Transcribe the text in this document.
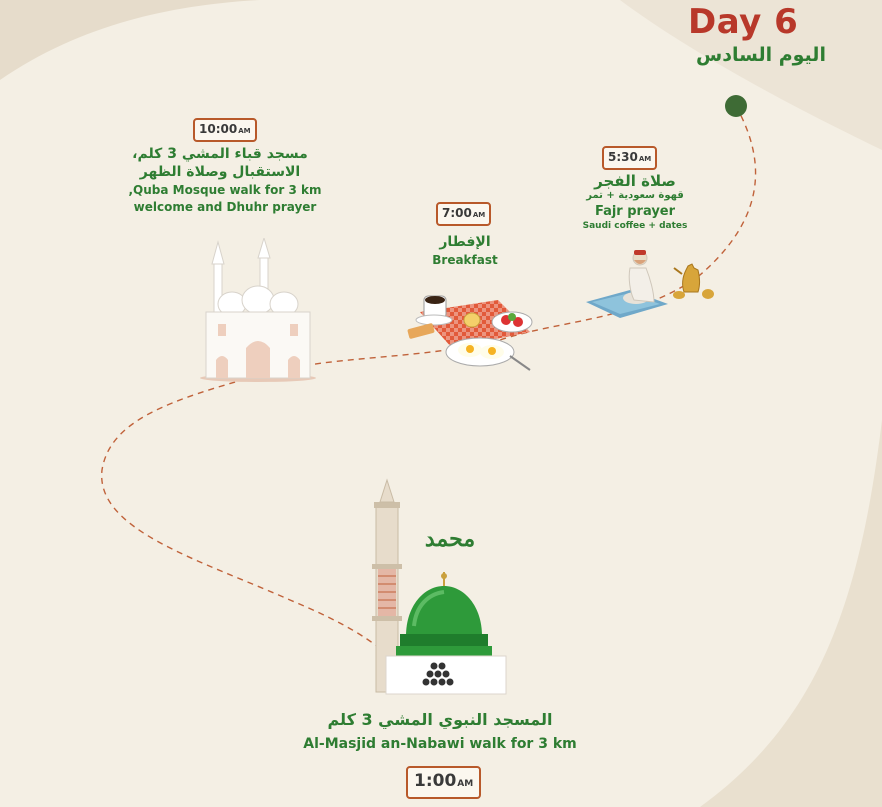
Day 6
اليوم السادس
5:30AM
صلاة الفجر
قهوة سعودية + تمر
Fajr prayer
Saudi coffee + dates
7:00AM
الإفطار
Breakfast
10:00AM
مسجد قباء المشي 3 كلم،
الاستقبال وصلاة الظهر
,Quba Mosque walk for 3 km
welcome and Dhuhr prayer
محمد
المسجد النبوي المشي 3 كلم
Al-Masjid an-Nabawi walk for 3 km
1:00AM
